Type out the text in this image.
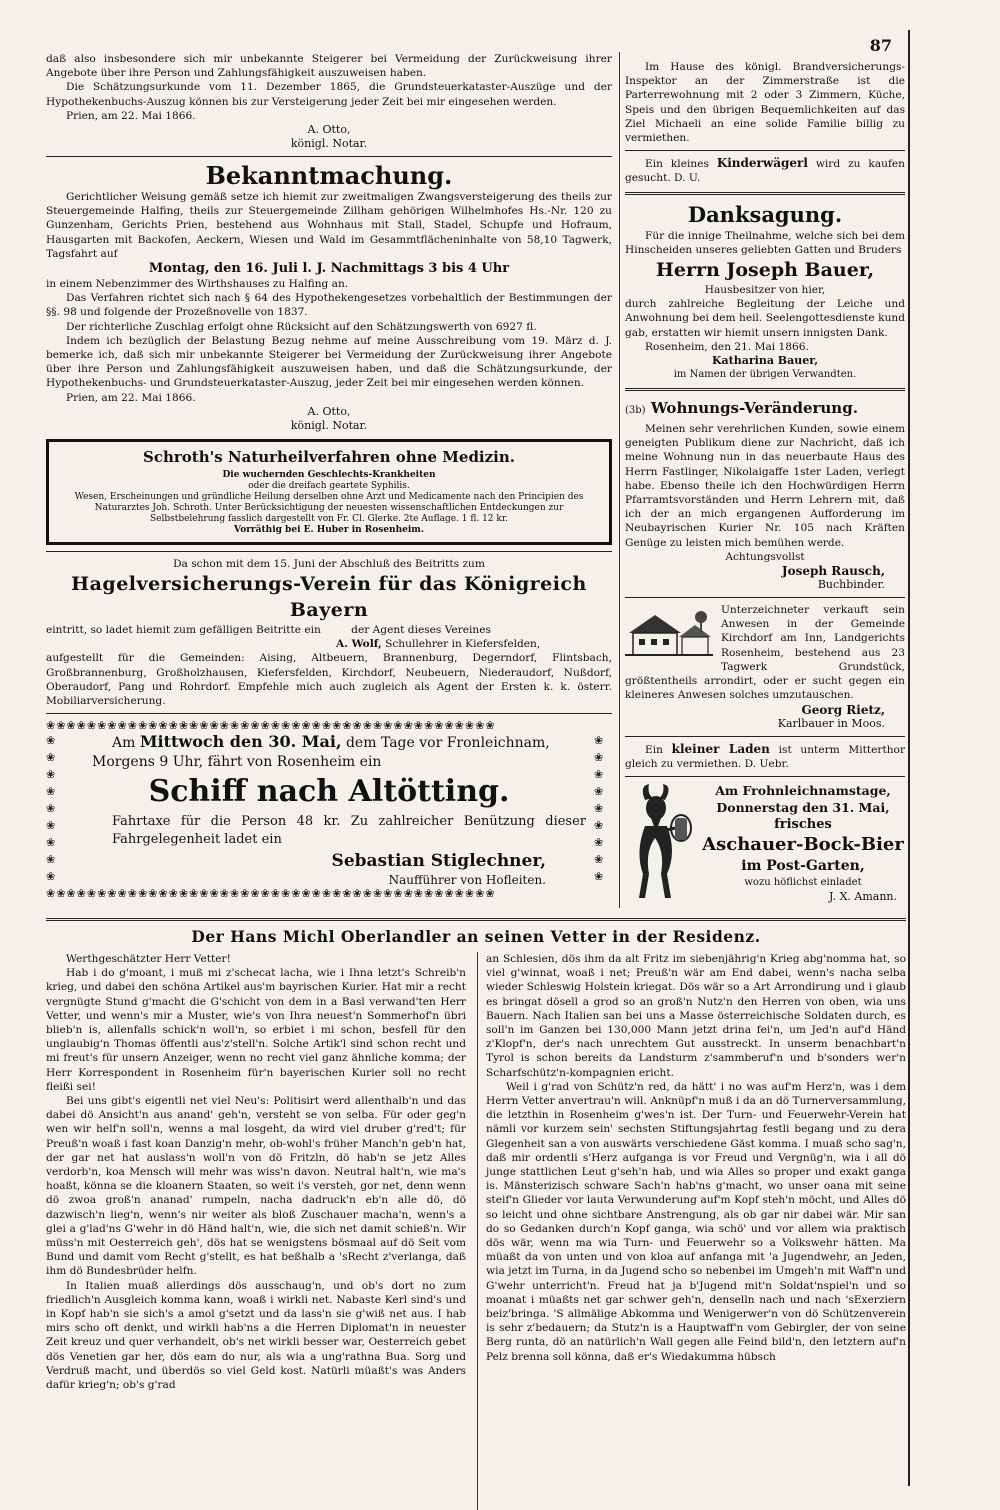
87

daß also insbesondere sich mir unbekannte Steigerer bei Vermeidung der Zurückweisung ihrer Angebote über ihre Person und Zahlungsfähigkeit auszuweisen haben.

Die Schätzungsurkunde vom 11. Dezember 1865, die Grundsteuerkataster-Auszüge und der Hypothekenbuchs-Auszug können bis zur Versteigerung jeder Zeit bei mir eingesehen werden.

Prien, am 22. Mai 1866.

A. Otto,
königl. Notar.
Bekanntmachung.

Gerichtlicher Weisung gemäß setze ich hiemit zur zweitmaligen Zwangsversteigerung des theils zur Steuergemeinde Halfing, theils zur Steuergemeinde Zillham gehörigen Wilhelmhofes Hs.-Nr. 120 zu Gunzenham, Gerichts Prien, bestehend aus Wohnhaus mit Stall, Stadel, Schupfe und Hofraum, Hausgarten mit Backofen, Aeckern, Wiesen und Wald im Gesammtflächeninhalte von 58,10 Tagwerk, Tagsfahrt auf

Montag, den 16. Juli l. J. Nachmittags 3 bis 4 Uhr

in einem Nebenzimmer des Wirthshauses zu Halfing an.

Das Verfahren richtet sich nach § 64 des Hypothekengesetzes vorbehaltlich der Bestimmungen der §§. 98 und folgende der Prozeßnovelle von 1837.

Der richterliche Zuschlag erfolgt ohne Rücksicht auf den Schätzungswerth von 6927 fl.

Indem ich bezüglich der Belastung Bezug nehme auf meine Ausschreibung vom 19. März d. J. bemerke ich, daß sich mir unbekannte Steigerer bei Vermeidung der Zurückweisung ihrer Angebote über ihre Person und Zahlungsfähigkeit auszuweisen haben, und daß die Schätzungsurkunde, der Hypothekenbuchs- und Grundsteuerkataster-Auszug, jeder Zeit bei mir eingesehen werden können.

Prien, am 22. Mai 1866.

A. Otto,
königl. Notar.
Schroth's Naturheilverfahren ohne Medizin.

Die wuchernden Geschlechts-Krankheiten

oder die dreifach geartete Syphilis.

Wesen, Erscheinungen und gründliche Heilung derselben ohne Arzt und Medicamente nach den Principien des Naturarztes Joh. Schroth. Unter Berücksichtigung der neuesten wissenschaftlichen Entdeckungen zur Selbstbelehrung fasslich dargestellt von Fr. Cl. Glerke. 2te Auflage. 1 fl. 12 kr.

Vorräthig bei E. Huber in Rosenheim.

Da schon mit dem 15. Juni der Abschluß des Beitritts zum

Hagelversicherungs-Verein für das Königreich Bayern

eintritt, so ladet hiemit zum gefälligen Beitritte ein	der Agent dieses Vereines

A. Wolf, Schullehrer in Kiefersfelden,

aufgestellt für die Gemeinden: Aising, Altbeuern, Brannenburg, Degerndorf, Flintsbach, Großbrannenburg, Großholzhausen, Kiefersfelden, Kirchdorf, Neubeuern, Niederaudorf, Nußdorf, Oberaudorf, Pang und Rohrdorf. Empfehle mich auch zugleich als Agent der Ersten k. k. österr. Mobiliarversicherung.

❀❀❀❀❀❀❀❀❀❀❀❀❀❀❀❀❀❀❀❀❀❀❀❀❀❀❀❀❀❀❀❀❀❀❀❀❀❀❀❀❀❀❀❀
❀
❀
❀
❀
❀
❀
❀
❀
❀

❀
❀
❀
❀
❀
❀
❀
❀
❀

Am Mittwoch den 30. Mai, dem Tage vor Fronleichnam,

Morgens 9 Uhr, fährt von Rosenheim ein

Schiff nach Altötting.

Fahrtaxe für die Person 48 kr. Zu zahlreicher Benützung dieser Fahrgelegenheit ladet ein

Sebastian Stiglechner,
Naufführer von Hofleiten.
❀❀❀❀❀❀❀❀❀❀❀❀❀❀❀❀❀❀❀❀❀❀❀❀❀❀❀❀❀❀❀❀❀❀❀❀❀❀❀❀❀❀❀❀

Im Hause des königl. Brandversicherungs-Inspektor an der Zimmerstraße ist die Parterrewohnung mit 2 oder 3 Zimmern, Küche, Speis und den übrigen Bequemlichkeiten auf das Ziel Michaeli an eine solide Familie billig zu vermiethen.

Ein kleines Kinderwägerl wird zu kaufen gesucht. D. U.

Danksagung.

Für die innige Theilnahme, welche sich bei dem Hinscheiden unseres geliebten Gatten und Bruders

Herrn Joseph Bauer,

Hausbesitzer von hier,

durch zahlreiche Begleitung der Leiche und Anwohnung bei dem heil. Seelengottesdienste kund gab, erstatten wir hiemit unsern innigsten Dank.

Rosenheim, den 21. Mai 1866.

Katharina Bauer,
im Namen der übrigen Verwandten.
(3b) Wohnungs-Veränderung.

Meinen sehr verehrlichen Kunden, sowie einem geneigten Publikum diene zur Nachricht, daß ich meine Wohnung nun in das neuerbaute Haus des Herrn Fastlinger, Nikolaigaffe 1ster Laden, verlegt habe. Ebenso theile ich den Hochwürdigen Herrn Pfarramtsvorständen und Herrn Lehrern mit, daß ich der an mich ergangenen Aufforderung im Neubayrischen Kurier Nr. 105 nach Kräften Genüge zu leisten mich bemühen werde.

Achtungsvollst

Joseph Rausch,
Buchbinder.

Unterzeichneter verkauft sein Anwesen in der Gemeinde Kirchdorf am Inn, Landgerichts Rosenheim, bestehend aus 23 Tagwerk Grundstück, größtentheils arrondirt, oder er sucht gegen ein kleineres Anwesen solches umzutauschen.

Georg Rietz,
Karlbauer in Moos.

Ein kleiner Laden ist unterm Mitterthor gleich zu vermiethen. D. Uebr.

Am Frohnleichnamstage,
Donnerstag den 31. Mai,
frisches
Aschauer-Bock-Bier
im Post-Garten,
wozu höflichst einladet
J. X. Amann.
Der Hans Michl Oberlandler an seinen Vetter in der Residenz.

Werthgeschätzter Herr Vetter!

Hab i do g'moant, i muß mi z'schecat lacha, wie i Ihna letzt's Schreib'n krieg, und dabei den schöna Artikel aus'm bayrischen Kurier. Hat mir a recht vergnügte Stund g'macht die G'schicht von dem in a Basl verwand'ten Herr Vetter, und wenn's mir a Muster, wie's von Ihra neuest'n Sommerhof'n übri blieb'n is, allenfalls schick'n woll'n, so erbiet i mi schon, besfell für den unglaubig'n Thomas öffentli aus'z'stell'n. Solche Artik'l sind schon recht und mi freut's für unsern Anzeiger, wenn no recht viel ganz ähnliche komma; der Herr Korrespondent in Rosenheim für'n bayerischen Kurier soll no recht fleißi sei!

Bei uns gibt's eigentli net viel Neu's: Politisirt werd allenthalb'n und das dabei dö Ansicht'n aus anand' geh'n, versteht se von selba. Für oder geg'n wen wir helf'n soll'n, wenns a mal losgeht, da wird viel druber g'red't; für Preuß'n woaß i fast koan Danzig'n mehr, ob-wohl's früher Manch'n geb'n hat, der gar net hat auslass'n woll'n von dö Fritzln, dö hab'n se jetz Alles verdorb'n, koa Mensch will mehr was wiss'n davon. Neutral halt'n, wie ma's hoaßt, könna se die kloanern Staaten, so weit i's versteh, gor net, denn wenn dö zwoa groß'n ananad' rumpeln, nacha dadruck'n eb'n alle dö, dö dazwisch'n lieg'n, wenn's nir weiter als bloß Zuschauer macha'n, wenn's a glei a g'lad'ns G'wehr in dö Händ halt'n, wie, die sich net damit schieß'n. Wir müss'n mit Oesterreich geh', dös hat se wenigstens bösmaal auf dö Seit vom Bund und damit vom Recht g'stellt, es hat beßhalb a 'sRecht z'verlanga, daß ihm dö Bundesbrüder helfn.

In Italien muaß allerdings dös ausschaug'n, und ob's dort no zum friedlich'n Ausgleich komma kann, woaß i wirkli net. Nabaste Kerl sind's und in Kopf hab'n sie sich's a amol g'setzt und da lass'n sie g'wiß net aus. I hab mirs scho oft denkt, und wirkli hab'ns a die Herren Diplomat'n in neuester Zeit kreuz und quer verhandelt, ob's net wirkli besser war, Oesterreich gebet dös Venetien gar her, dös eam do nur, als wia a ung'rathna Bua. Sorg und Verdruß macht, und überdös so viel Geld kost. Natürli müaßt's was Anders dafür krieg'n; ob's g'rad

an Schlesien, dös ihm da alt Fritz im siebenjährig'n Krieg abg'nomma hat, so viel g'winnat, woaß i net; Preuß'n wär am End dabei, wenn's nacha selba wieder Schleswig Holstein kriegat. Dös wär so a Art Arrondirung und i glaub es bringat dösell a grod so an groß'n Nutz'n den Herren von oben, wia uns Bauern. Nach Italien san bei uns a Masse österreichische Soldaten durch, es soll'n im Ganzen bei 130,000 Mann jetzt drina fei'n, um Jed'n auf'd Händ z'Klopf'n, der's nach unrechtem Gut ausstreckt. In unserm benachbart'n Tyrol is schon bereits da Landsturm z'sammberuf'n und b'sonders wer'n Scharfschütz'n-kompagnien ericht.

Weil i g'rad von Schütz'n red, da hätt' i no was auf'm Herz'n, was i dem Herrn Vetter anvertrau'n will. Anknüpf'n muß i da an dö Turnerversammlung, die letzthin in Rosenheim g'wes'n ist. Der Turn- und Feuerwehr-Verein hat nämli vor kurzem sein' sechsten Stiftungsjahrtag festli begang und zu dera Glegenheit san a von auswärts verschiedene Gäst komma. I muaß scho sag'n, daß mir ordentli s'Herz aufganga is vor Freud und Vergnüg'n, wia i all dö junge stattlichen Leut g'seh'n hab, und wia Alles so proper und exakt ganga is. Mänsterizisch schware Sach'n hab'ns g'macht, wo unser oana mit seine steif'n Glieder vor lauta Verwunderung auf'm Kopf steh'n möcht, und Alles dö so leicht und ohne sichtbare Anstrengung, als ob gar nir dabei wär. Mir san do so Gedanken durch'n Kopf ganga, wia schö' und vor allem wia praktisch dös wär, wenn ma wia Turn- und Feuerwehr so a Volkswehr hätten. Ma müaßt da von unten und von kloa auf anfanga mit 'a Jugendwehr, an Jeden, wia jetzt im Turna, in da Jugend scho so nebenbei im Umgeh'n mit Waff'n und G'wehr unterricht'n. Freud hat ja b'Jugend mit'n Soldat'nspiel'n und so moanat i müaßts net gar schwer geh'n, denselln nach und nach 'sExerziern beiz'bringa. 'S allmälige Abkomma und Wenigerwer'n von dö Schützenverein is sehr z'bedauern; da Stutz'n is a Hauptwaff'n vom Gebirgler, der von seine Berg runta, dö an natürlich'n Wall gegen alle Feind bild'n, den letztern auf'n Pelz brenna soll könna, daß er's Wiedakumma hübsch
